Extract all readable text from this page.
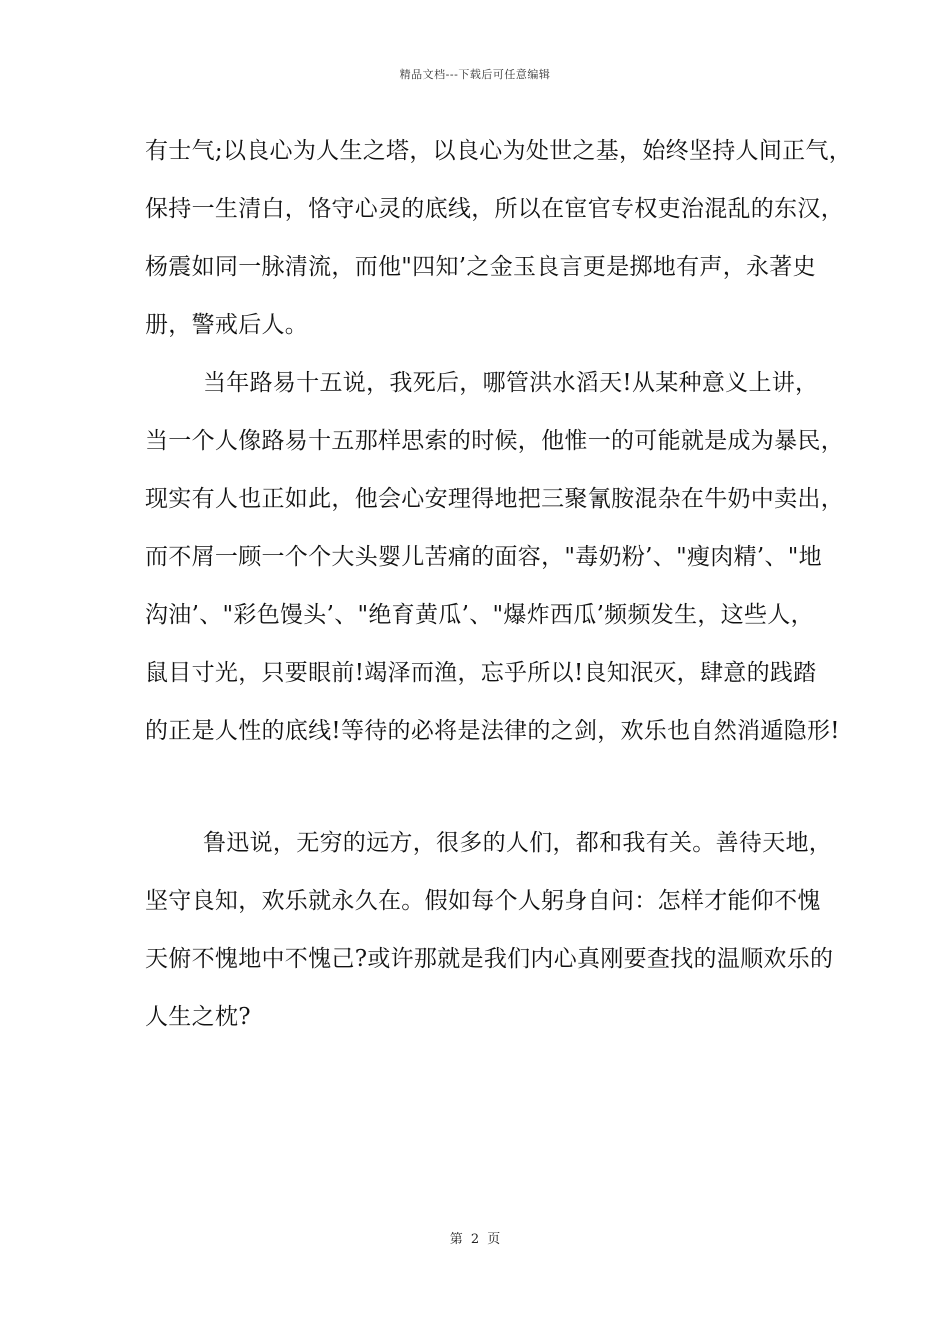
精品文档---下载后可任意编辑
有士气;以良心为人生之塔，以良心为处世之基，始终坚持人间正气，
保持一生清白，恪守心灵的底线，所以在宦官专权吏治混乱的东汉，
杨震如同一脉清流，而他"四知’之金玉良言更是掷地有声，永著史
册，警戒后人。
当年路易十五说，我死后，哪管洪水滔天!从某种意义上讲，
当一个人像路易十五那样思索的时候，他惟一的可能就是成为暴民，
现实有人也正如此，他会心安理得地把三聚氰胺混杂在牛奶中卖出，
而不屑一顾一个个大头婴儿苦痛的面容，"毒奶粉’、"瘦肉精’、"地
沟油’、"彩色馒头’、"绝育黄瓜’、"爆炸西瓜’频频发生，这些人，
鼠目寸光，只要眼前!竭泽而渔，忘乎所以!良知泯灭，肆意的践踏
的正是人性的底线!等待的必将是法律的之剑，欢乐也自然消遁隐形!
鲁迅说，无穷的远方，很多的人们，都和我有关。善待天地，
坚守良知，欢乐就永久在。假如每个人躬身自问：怎样才能仰不愧
天俯不愧地中不愧己?或许那就是我们内心真刚要查找的温顺欢乐的
人生之枕?
第 2 页
